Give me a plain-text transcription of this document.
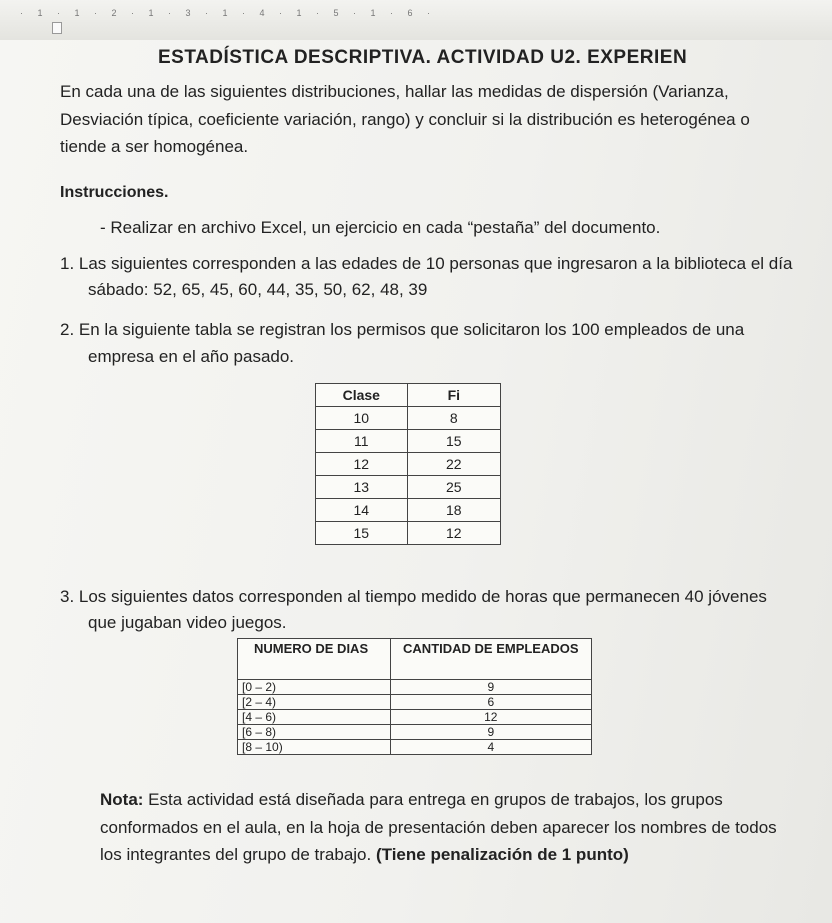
· 1 · 1 · 2 · 1 · 3 · 1 · 4 · 1 · 5 · 1 · 6 ·
ESTADÍSTICA DESCRIPTIVA. ACTIVIDAD U2. EXPERIEN
En cada una de las siguientes distribuciones, hallar las medidas de dispersión (Varianza,
Desviación típica, coeficiente variación, rango) y concluir si la distribución es heterogénea o
tiende a ser homogénea.
Instrucciones.
- Realizar en archivo Excel, un ejercicio en cada “pestaña” del documento.
1. Las siguientes corresponden a las edades de 10 personas que ingresaron a la biblioteca el día
sábado: 52, 65, 45, 60, 44, 35, 50, 62, 48, 39
2. En la siguiente tabla se registran los permisos que solicitaron los 100 empleados de una
empresa en el año pasado.
Clase	Fi
10	8
11	15
12	22
13	25
14	18
15	12
3. Los siguientes datos corresponden al tiempo medido de horas que permanecen 40 jóvenes
que jugaban video juegos.
NUMERO DE DIAS	CANTIDAD DE EMPLEADOS
[0 – 2)	9
[2 – 4)	6
[4 – 6)	12
[6 – 8)	9
[8 – 10)	4
Nota: Esta actividad está diseñada para entrega en grupos de trabajos, los grupos
conformados en el aula, en la hoja de presentación deben aparecer los nombres de todos
los integrantes del grupo de trabajo. (Tiene penalización de 1 punto)
